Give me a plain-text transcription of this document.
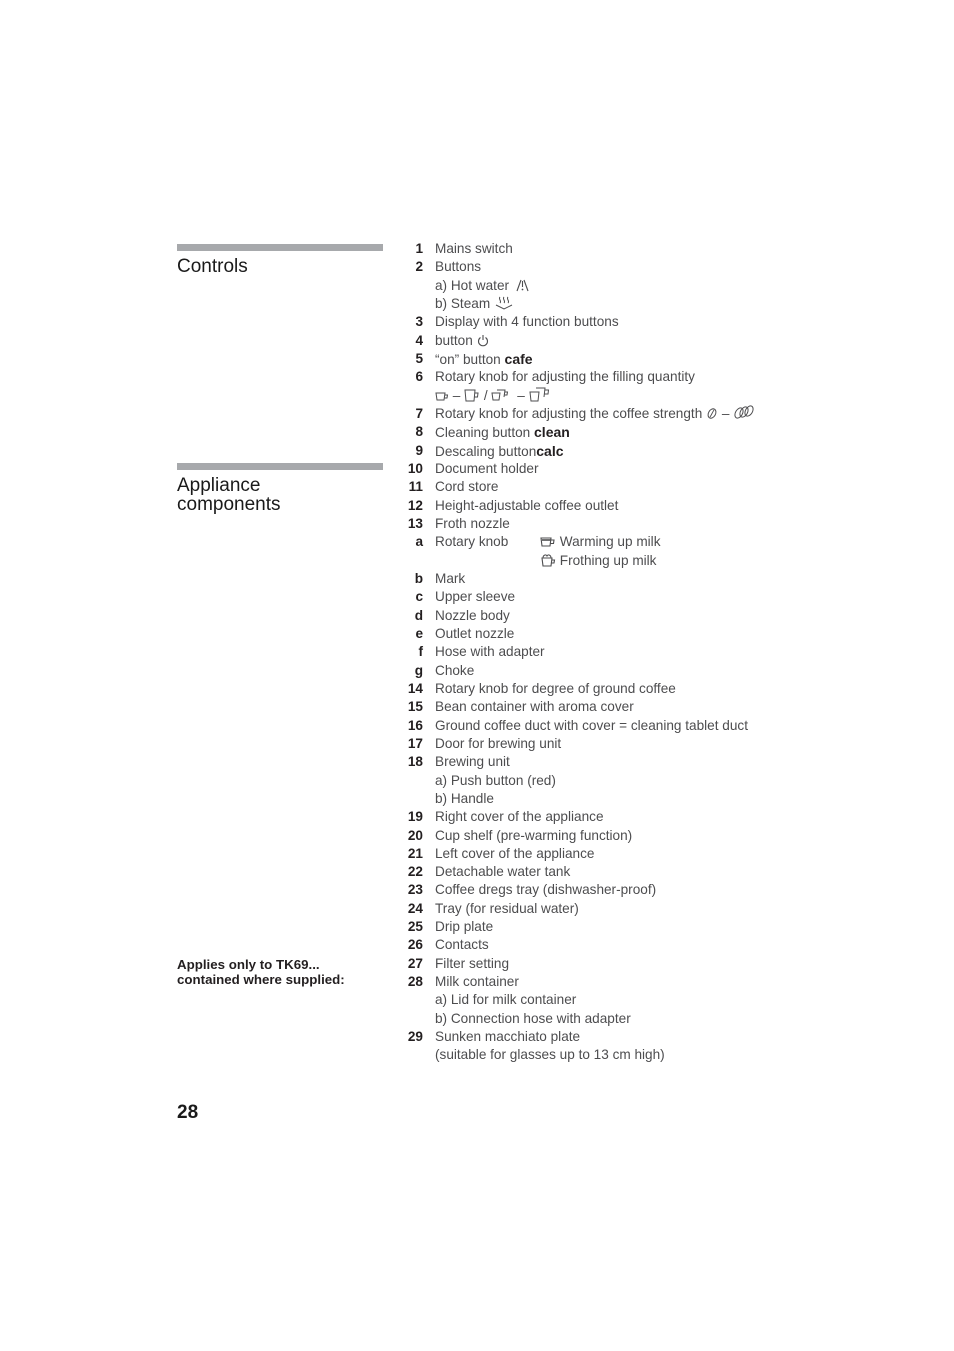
Controls
Appliance
components
Applies only to TK69...
contained where supplied:
28
1 Mains switch
2 Buttons
a) Hot water
b) Steam
3 Display with 4 function buttons
4 button
5 “on” button cafe
6 Rotary knob for adjusting the filling quantity
– / –
7 Rotary knob for adjusting the coffee strength –
8 Cleaning button clean
9 Descaling buttoncalc
10 Document holder
11 Cord store
12 Height-adjustable coffee outlet
13 Froth nozzle
a Rotary knob	Warming up milk
Frothing up milk
b Mark
c Upper sleeve
d Nozzle body
e Outlet nozzle
f Hose with adapter
g Choke
14 Rotary knob for degree of ground coffee
15 Bean container with aroma cover
16 Ground coffee duct with cover = cleaning tablet duct
17 Door for brewing unit
18 Brewing unit
a) Push button (red)
b) Handle
19 Right cover of the appliance
20 Cup shelf (pre-warming function)
21 Left cover of the appliance
22 Detachable water tank
23 Coffee dregs tray (dishwasher-proof)
24 Tray (for residual water)
25 Drip plate
26 Contacts
27 Filter setting
28 Milk container
a) Lid for milk container
b) Connection hose with adapter
29 Sunken macchiato plate
(suitable for glasses up to 13 cm high)
